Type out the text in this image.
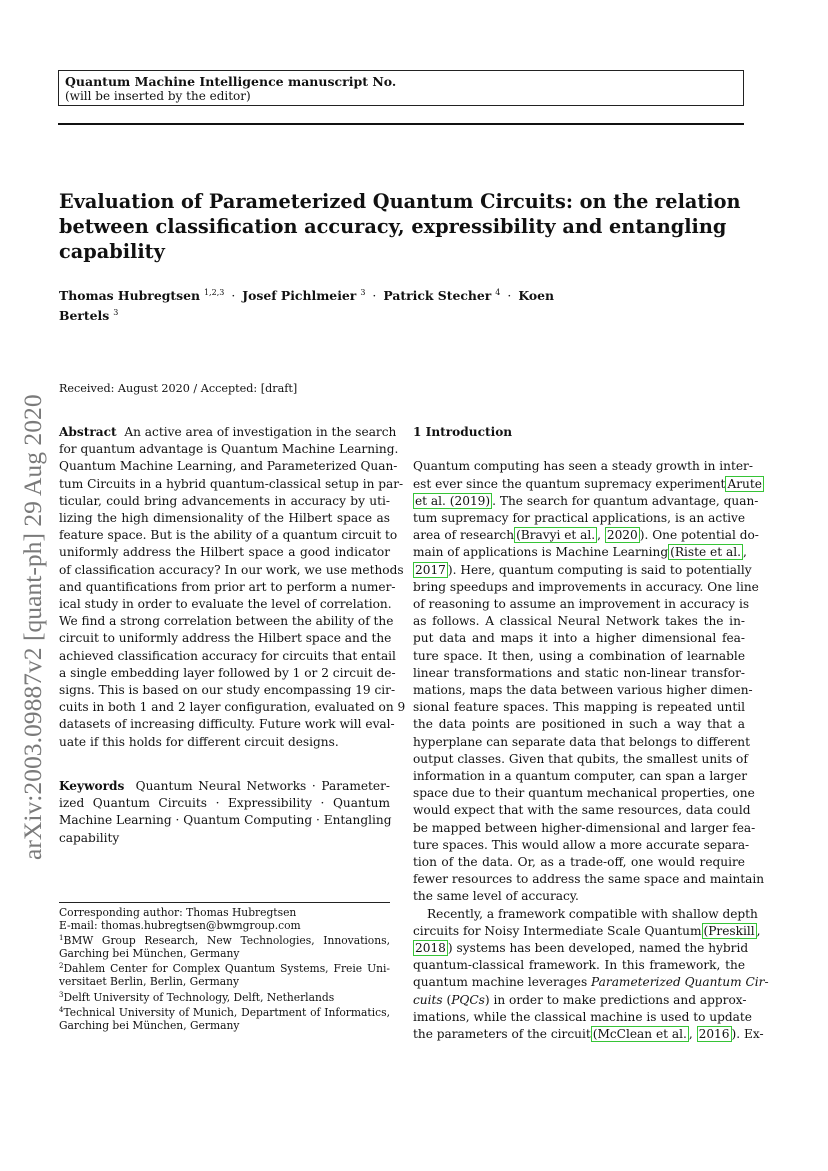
Quantum Machine Intelligence manuscript No.
(will be inserted by the editor)
Evaluation of Parameterized Quantum Circuits: on the relation
between classification accuracy, expressibility and entangling
capability
Thomas Hubregtsen $^{1,2,3}$ · Josef Pichlmeier $^3$ · Patrick Stecher $^4$ · Koen
Bertels $^3$
Received: August 2020 / Accepted: [draft]
arXiv:2003.09887v2 [quant-ph] 29 Aug 2020 Abstract An active area of investigation in the search
for quantum advantage is Quantum Machine Learning.
Quantum Machine Learning, and Parameterized Quan-
tum Circuits in a hybrid quantum-classical setup in par-
ticular, could bring advancements in accuracy by uti-
lizing the high dimensionality of the Hilbert space as
feature space. But is the ability of a quantum circuit to
uniformly address the Hilbert space a good indicator
of classification accuracy? In our work, we use methods
and quantifications from prior art to perform a numer-
ical study in order to evaluate the level of correlation.
We find a strong correlation between the ability of the
circuit to uniformly address the Hilbert space and the
achieved classification accuracy for circuits that entail
a single embedding layer followed by 1 or 2 circuit de-
signs. This is based on our study encompassing 19 cir-
cuits in both 1 and 2 layer configuration, evaluated on 9
datasets of increasing difficulty. Future work will eval-
uate if this holds for different circuit designs.
Keywords Quantum Neural Networks · Parameter-
ized Quantum Circuits · Expressibility · Quantum
Machine Learning · Quantum Computing · Entangling
capability
Corresponding author: Thomas Hubregtsen
E-mail: thomas.hubregtsen@bwmgroup.com
$^1$BMW Group Research, New Technologies, Innovations,
Garching bei München, Germany
$^2$Dahlem Center for Complex Quantum Systems, Freie Uni-
versitaet Berlin, Berlin, Germany
$^3$Delft University of Technology, Delft, Netherlands
$^4$Technical University of Munich, Department of Informatics,
Garching bei München, Germany
1 Introduction
Quantum computing has seen a steady growth in inter-
est ever since the quantum supremacy experiment Arute
et al. (2019) . The search for quantum advantage, quan-
tum supremacy for practical applications, is an active
area of research (Bravyi et al. , 2020 ). One potential do-
main of applications is Machine Learning (Riste et al. ,
2017 ). Here, quantum computing is said to potentially
bring speedups and improvements in accuracy. One line
of reasoning to assume an improvement in accuracy is
as follows. A classical Neural Network takes the in-
put data and maps it into a higher dimensional fea-
ture space. It then, using a combination of learnable
linear transformations and static non-linear transfor-
mations, maps the data between various higher dimen-
sional feature spaces. This mapping is repeated until
the data points are positioned in such a way that a
hyperplane can separate data that belongs to different
output classes. Given that qubits, the smallest units of
information in a quantum computer, can span a larger
space due to their quantum mechanical properties, one
would expect that with the same resources, data could
be mapped between higher-dimensional and larger fea-
ture spaces. This would allow a more accurate separa-
tion of the data. Or, as a trade-off, one would require
fewer resources to address the same space and maintain
the same level of accuracy.
Recently, a framework compatible with shallow depth
circuits for Noisy Intermediate Scale Quantum (Preskill ,
2018 ) systems has been developed, named the hybrid
quantum-classical framework. In this framework, the
quantum machine leverages Parameterized Quantum Cir-
cuits (PQCs) in order to make predictions and approx-
imations, while the classical machine is used to update
the parameters of the circuit (McClean et al. , 2016 ). Ex-
